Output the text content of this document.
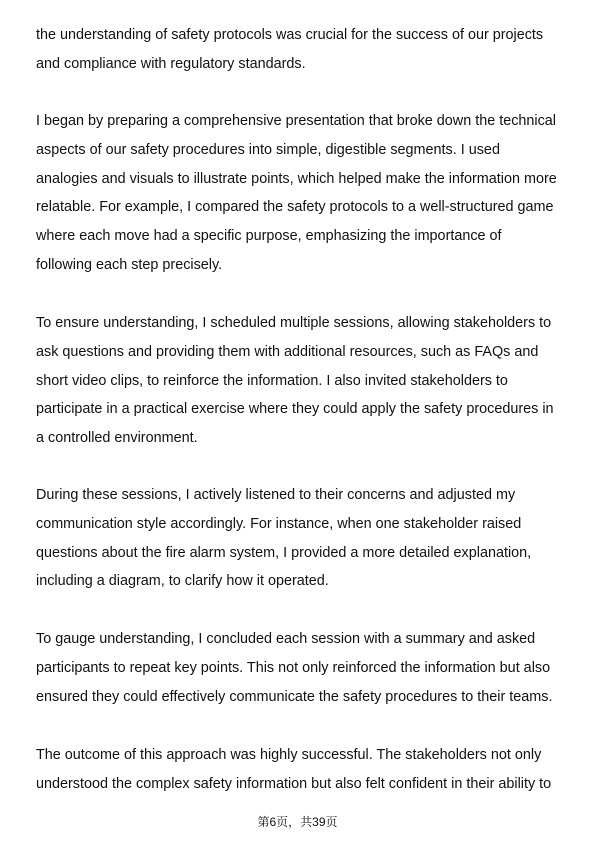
the understanding of safety protocols was crucial for the success of our projects
and compliance with regulatory standards.
I began by preparing a comprehensive presentation that broke down the technical
aspects of our safety procedures into simple, digestible segments. I used
analogies and visuals to illustrate points, which helped make the information more
relatable. For example, I compared the safety protocols to a well-structured game
where each move had a specific purpose, emphasizing the importance of
following each step precisely.
To ensure understanding, I scheduled multiple sessions, allowing stakeholders to
ask questions and providing them with additional resources, such as FAQs and
short video clips, to reinforce the information. I also invited stakeholders to
participate in a practical exercise where they could apply the safety procedures in
a controlled environment.
During these sessions, I actively listened to their concerns and adjusted my
communication style accordingly. For instance, when one stakeholder raised
questions about the fire alarm system, I provided a more detailed explanation,
including a diagram, to clarify how it operated.
To gauge understanding, I concluded each session with a summary and asked
participants to repeat key points. This not only reinforced the information but also
ensured they could effectively communicate the safety procedures to their teams.
The outcome of this approach was highly successful. The stakeholders not only
understood the complex safety information but also felt confident in their ability to
第6页，共39页
